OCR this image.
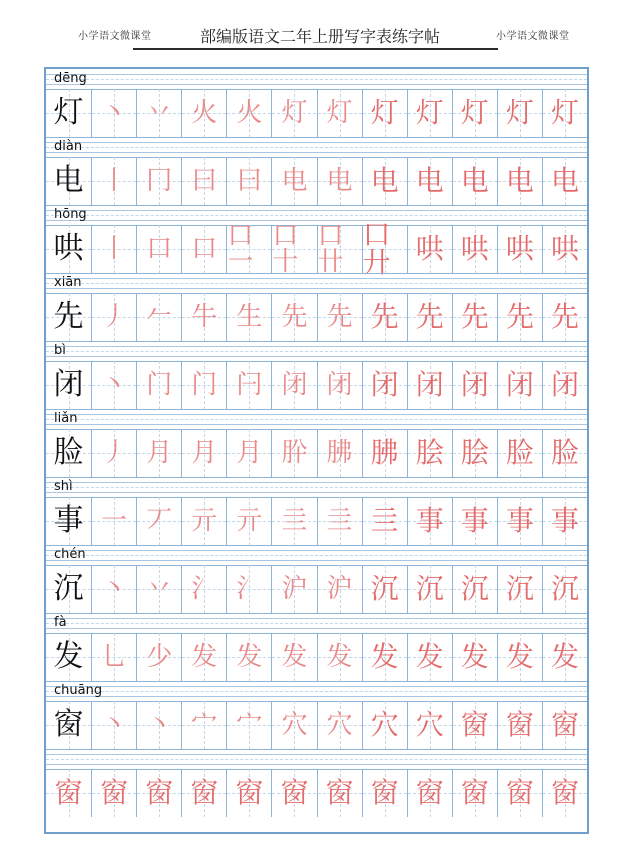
小学语文微课堂	部编版语文二年上册写字表练字帖	小学语文微课堂
dēng
灯 丶 丷 火 火 灯 灯 灯 灯 灯 灯 灯
diàn
电 丨 冂 曰 曰 电 电 电 电 电 电 电
hōng
哄 丨 口 口 口一
口十
口卄
口廾 哄 哄 哄 哄
xiān
先 丿 𠂉 牛 生 先 先 先 先 先 先 先
bì
闭 丶 门 门 闩 闭 闭 闭 闭 闭 闭 闭
liǎn
脸 丿 月 月 月 肸 胇 胇 脍 脍 脸 脸
shì
事 一 丆 亓 亓 亖 亖 亖 事 事 事 事
chén
沉 丶 丷 氵 氵 沪 沪 沉 沉 沉 沉 沉
fà
发 乚 少 发 发 发 发 发 发 发 发 发
chuāng
窗 丶 丶 宀 宀 穴 穴 穴 穴 窗 窗 窗
窗 窗 窗 窗 窗 窗 窗 窗 窗 窗 窗 窗
